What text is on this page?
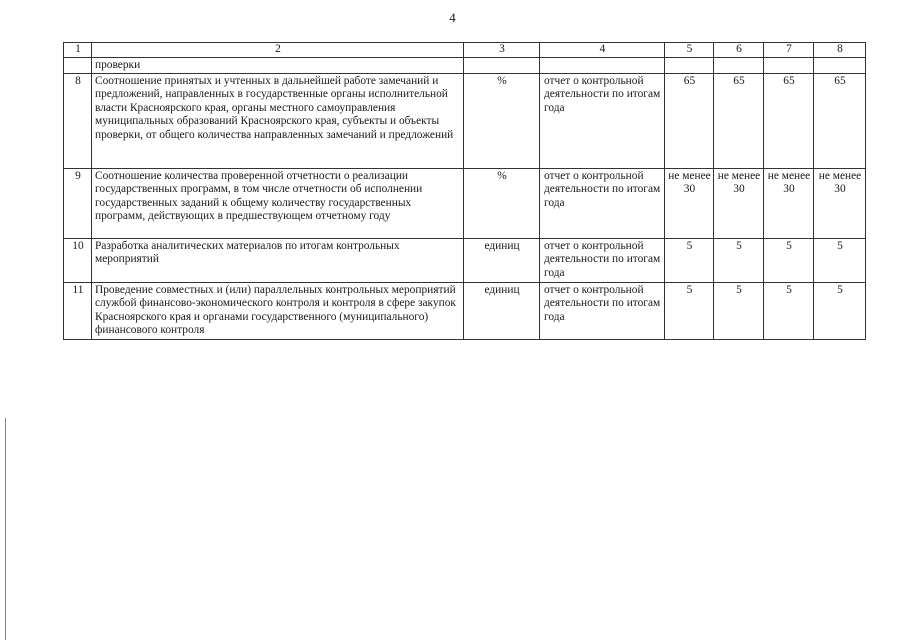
4
1	2	3	4	5	6	7	8
	проверки						
8	Соотношение принятых и учтенных в дальнейшей работе замечаний и предложений, направленных в государственные органы исполнительной власти Красноярского края, органы местного самоуправления муниципальных образований Красноярского края, субъекты и объекты проверки, от общего количества направленных замечаний и предложений	%	отчет о контрольной деятельности по итогам года	65	65	65	65
9	Соотношение количества проверенной отчетности о реализации государственных программ, в том числе отчетности об исполнении государственных заданий к общему количеству государственных программ, действующих в предшествующем отчетному году	%	отчет о контрольной деятельности по итогам года	не менее 30	не менее 30	не менее 30	не менее 30
10	Разработка аналитических материалов по итогам контрольных мероприятий	единиц	отчет о контрольной деятельности по итогам года	5	5	5	5
11	Проведение совместных и (или) параллельных контрольных мероприятий службой финансово-экономического контроля и контроля в сфере закупок Красноярского края и органами государственного (муниципального) финансового контроля	единиц	отчет о контрольной деятельности по итогам года	5	5	5	5
